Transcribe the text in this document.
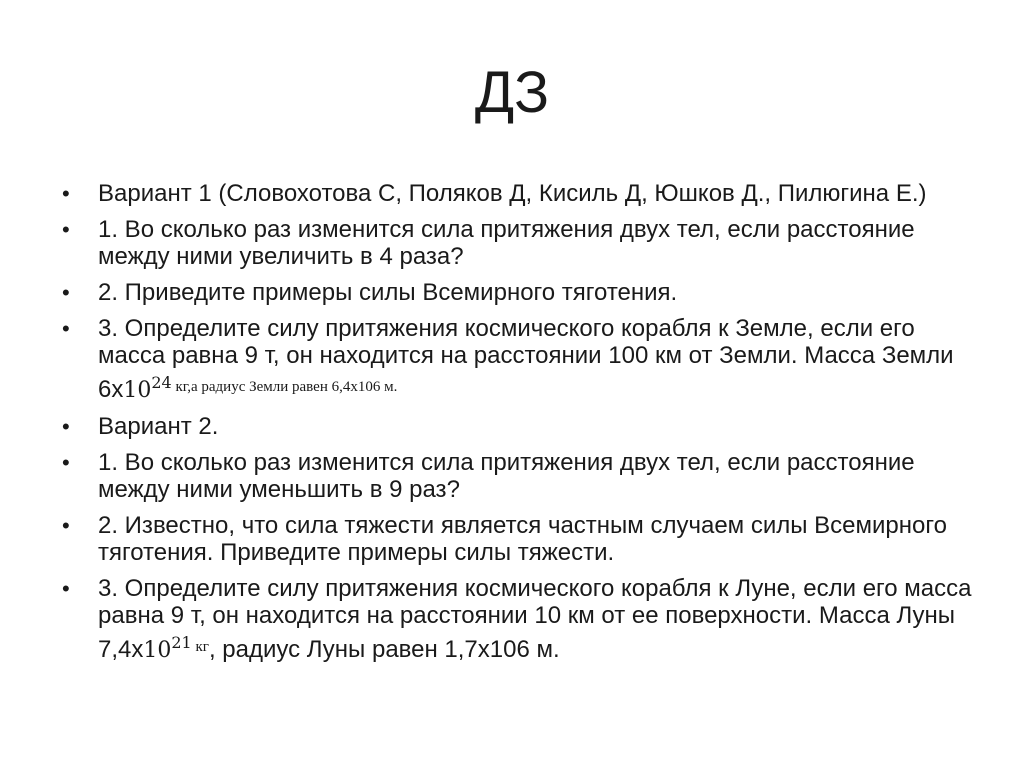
ДЗ
• Вариант 1 (Словохотова С, Поляков Д, Кисиль Д, Юшков Д., Пилюгина Е.)
• 1. Во сколько раз изменится сила притяжения двух тел, если расстояние между ними увеличить в 4 раза?
• 2. Приведите примеры силы Всемирного тяготения.
• 3. Определите силу притяжения космического корабля к Земле, если его масса равна 9 т, он находится на расстоянии 100 км от Земли. Масса Земли $6х10^{24}$ $^{кг,а радиус Земли равен 6,4х106 м.}$
• Вариант 2.
• 1. Во сколько раз изменится сила притяжения двух тел, если расстояние между ними уменьшить в 9 раз?
• 2. Известно, что сила тяжести является частным случаем силы Всемирного тяготения. Приведите примеры силы тяжести.
• 3. Определите силу притяжения космического корабля к Луне, если его масса равна 9 т, он находится на расстоянии 10 км от ее поверхности. Масса Луны $7,4х10^{21}$ $^{кг}$, радиус Луны равен 1,7х106 м.
